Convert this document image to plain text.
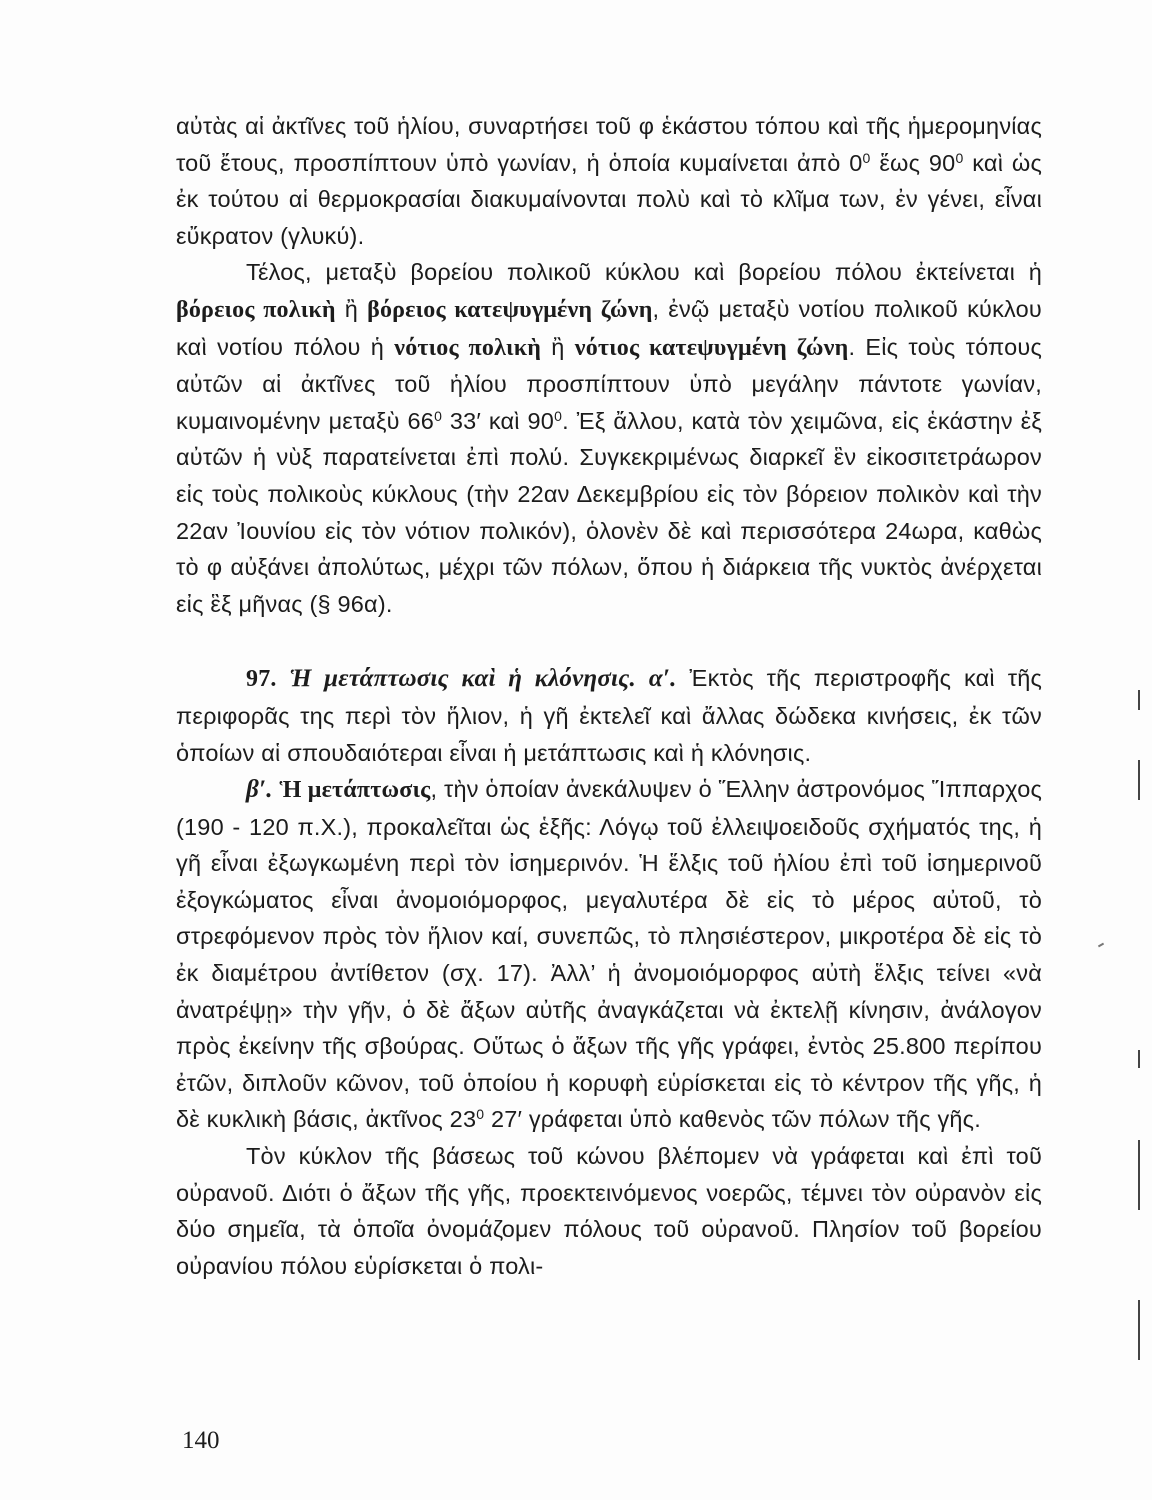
αὐτὰς αἱ ἀκτῖνες τοῦ ἡλίου, συναρτήσει τοῦ φ ἑκάστου τόπου καὶ τῆς ἡμερομηνίας τοῦ ἔτους, προσπίπτουν ὑπὸ γωνίαν, ἡ ὁποία κυμαίνεται ἀπὸ $0^0$ ἕως $90^0$ καὶ ὡς ἐκ τούτου αἱ θερμοκρασίαι διακυμαίνονται πολὺ καὶ τὸ κλῖμα των, ἐν γένει, εἶναι εὔκρατον (γλυκύ).

Τέλος, μεταξὺ βορείου πολικοῦ κύκλου καὶ βορείου πόλου ἐκτείνεται ἡ βόρειος πολικὴ ἢ βόρειος κατεψυγμένη ζώνη, ἐνῷ μεταξὺ νοτίου πολικοῦ κύκλου καὶ νοτίου πόλου ἡ νότιος πολικὴ ἢ νότιος κατεψυγμένη ζώνη. Εἰς τοὺς τόπους αὐτῶν αἱ ἀκτῖνες τοῦ ἡλίου προσπίπτουν ὑπὸ μεγάλην πάντοτε γωνίαν, κυμαινομένην μεταξὺ $66^0$ 33′ καὶ $90^0$. Ἐξ ἄλλου, κατὰ τὸν χειμῶνα, εἰς ἑκάστην ἐξ αὐτῶν ἡ νὺξ παρατείνεται ἐπὶ πολύ. Συγκεκριμένως διαρκεῖ ἓν εἰκοσιτετράωρον εἰς τοὺς πολικοὺς κύκλους (τὴν 22αν Δεκεμβρίου εἰς τὸν βόρειον πολικὸν καὶ τὴν 22αν Ἰουνίου εἰς τὸν νότιον πολικόν), ὁλονὲν δὲ καὶ περισσότερα 24ωρα, καθὼς τὸ φ αὐξάνει ἀπολύτως, μέχρι τῶν πόλων, ὅπου ἡ διάρκεια τῆς νυκτὸς ἀνέρχεται εἰς ἓξ μῆνας (§ 96α).

97. Ἡ μετάπτωσις καὶ ἡ κλόνησις. α′. Ἐκτὸς τῆς περιστροφῆς καὶ τῆς περιφορᾶς της περὶ τὸν ἥλιον, ἡ γῆ ἐκτελεῖ καὶ ἄλλας δώδεκα κινήσεις, ἐκ τῶν ὁποίων αἱ σπουδαιότεραι εἶναι ἡ μετάπτωσις καὶ ἡ κλόνησις.

β′. Ἡ μετάπτωσις, τὴν ὁποίαν ἀνεκάλυψεν ὁ Ἕλλην ἀστρονόμος Ἵππαρχος (190 - 120 π.Χ.), προκαλεῖται ὡς ἑξῆς: Λόγῳ τοῦ ἐλλειψοειδοῦς σχήματός της, ἡ γῆ εἶναι ἐξωγκωμένη περὶ τὸν ἰσημερινόν. Ἡ ἕλξις τοῦ ἡλίου ἐπὶ τοῦ ἰσημερινοῦ ἐξογκώματος εἶναι ἀνομοιόμορφος, μεγαλυτέρα δὲ εἰς τὸ μέρος αὐτοῦ, τὸ στρεφόμενον πρὸς τὸν ἥλιον καί, συνεπῶς, τὸ πλησιέστερον, μικροτέρα δὲ εἰς τὸ ἐκ διαμέτρου ἀντίθετον (σχ. 17). Ἀλλ’ ἡ ἀνομοιόμορφος αὐτὴ ἕλξις τείνει «νὰ ἀνατρέψῃ» τὴν γῆν, ὁ δὲ ἄξων αὐτῆς ἀναγκάζεται νὰ ἐκτελῇ κίνησιν, ἀνάλογον πρὸς ἐκείνην τῆς σβούρας. Οὕτως ὁ ἄξων τῆς γῆς γράφει, ἐντὸς 25.800 περίπου ἐτῶν, διπλοῦν κῶνον, τοῦ ὁποίου ἡ κορυφὴ εὑρίσκεται εἰς τὸ κέντρον τῆς γῆς, ἡ δὲ κυκλικὴ βάσις, ἀκτῖνος $23^0$ 27′ γράφεται ὑπὸ καθενὸς τῶν πόλων τῆς γῆς.

Τὸν κύκλον τῆς βάσεως τοῦ κώνου βλέπομεν νὰ γράφεται καὶ ἐπὶ τοῦ οὐρανοῦ. Διότι ὁ ἄξων τῆς γῆς, προεκτεινόμενος νοερῶς, τέμνει τὸν οὐρανὸν εἰς δύο σημεῖα, τὰ ὁποῖα ὀνομάζομεν πόλους τοῦ οὐρανοῦ. Πλησίον τοῦ βορείου οὐρανίου πόλου εὑρίσκεται ὁ πολι-

140
